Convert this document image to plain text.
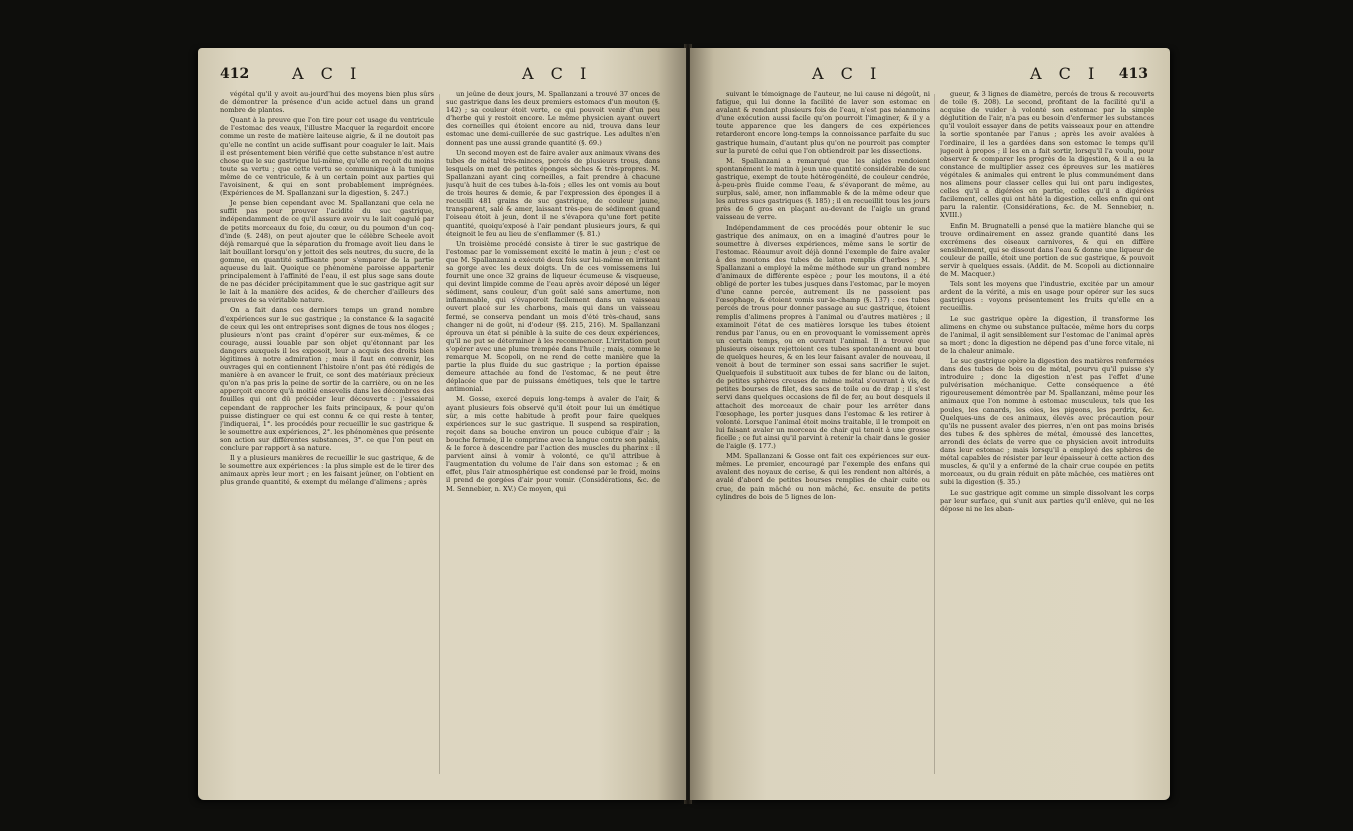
412	A C I	A C I

végétal qu'il y avoit au-jourd'hui des moyens bien plus sûrs de démontrer la présence d'un acide actuel dans un grand nombre de plantes.

Quant à la preuve que l'on tire pour cet usage du ventricule de l'estomac des veaux, l'illustre Macquer la regardoit encore comme un reste de matière laiteuse aigrie, & il ne doutoit pas qu'elle ne contînt un acide suffisant pour coaguler le lait. Mais il est présentement bien vérifié que cette substance n'est autre chose que le suc gastrique lui-même, qu'elle en reçoit du moins toute sa vertu ; que cette vertu se communique à la tunique même de ce ventricule, & à un certain point aux parties qui l'avoisinent, & qui en sont probablement imprégnées. (Expériences de M. Spallanzani sur la digestion, §. 247.)

Je pense bien cependant avec M. Spallanzani que cela ne suffit pas pour prouver l'acidité du suc gastrique, indépendamment de ce qu'il assure avoir vu le lait coagulé par de petits morceaux du foie, du cœur, ou du poumon d'un coq-d'inde (§. 248), on peut ajouter que le célèbre Scheele avoit déjà remarqué que la séparation du fromage avoit lieu dans le lait bouillant lorsqu'on y jettoit des sels neutres, du sucre, de la gomme, en quantité suffisante pour s'emparer de la partie aqueuse du lait. Quoique ce phénomène paroisse appartenir principalement à l'affinité de l'eau, il est plus sage sans doute de ne pas décider précipitamment que le suc gastrique agit sur le lait à la manière des acides, & de chercher d'ailleurs des preuves de sa véritable nature.

On a fait dans ces derniers temps un grand nombre d'expériences sur le suc gastrique ; la constance & la sagacité de ceux qui les ont entreprises sont dignes de tous nos éloges ; plusieurs n'ont pas craint d'opérer sur eux-mêmes, & ce courage, aussi louable par son objet qu'étonnant par les dangers auxquels il les exposoit, leur a acquis des droits bien légitimes à notre admiration ; mais il faut en convenir, les ouvrages qui en contiennent l'histoire n'ont pas été rédigés de manière à en avancer le fruit, ce sont des matériaux précieux qu'on n'a pas pris la peine de sortir de la carrière, ou on ne les apperçoit encore qu'à moitié ensevelis dans les décombres des fouilles qui ont dû précéder leur découverte : j'essaierai cependant de rapprocher les faits principaux, & pour qu'on puisse distinguer ce qui est connu & ce qui reste à tenter, j'indiquerai, 1°. les procédés pour recueillir le suc gastrique & le soumettre aux expériences, 2°. les phénomènes que présente son action sur différentes substances, 3°. ce que l'on peut en conclure par rapport à sa nature.

Il y a plusieurs manières de recueillir le suc gastrique, & de le soumettre aux expériences : la plus simple est de le tirer des animaux après leur mort ; en les faisant jeûner, on l'obtient en plus grande quantité, & exempt du mélange d'alimens ; après

un jeûne de deux jours, M. Spallanzani a trouvé 37 onces de suc gastrique dans les deux premiers estomacs d'un mouton (§. 142) ; sa couleur étoit verte, ce qui pouvoit venir d'un peu d'herbe qui y restoit encore. Le même physicien ayant ouvert des corneilles qui étoient encore au nid, trouva dans leur estomac une demi-cuillerée de suc gastrique. Les adultes n'en donnent pas une aussi grande quantité (§. 69.)

Un second moyen est de faire avaler aux animaux vivans des tubes de métal très-minces, percés de plusieurs trous, dans lesquels on met de petites éponges sèches & très-propres. M. Spallanzani ayant cinq corneilles, a fait prendre à chacune jusqu'à huit de ces tubes à-la-fois ; elles les ont vomis au bout de trois heures & demie, & par l'expression des éponges il a recueilli 481 grains de suc gastrique, de couleur jaune, transparent, salé & amer, laissant très-peu de sédiment quand l'oiseau étoit à jeun, dont il ne s'évapora qu'une fort petite quantité, quoiqu'exposé à l'air pendant plusieurs jours, & qui éteignoit le feu au lieu de s'enflammer (§. 81.)

Un troisième procédé consiste à tirer le suc gastrique de l'estomac par le vomissement excité le matin à jeun ; c'est ce que M. Spallanzani a exécuté deux fois sur lui-même en irritant sa gorge avec les deux doigts. Un de ces vomissemens lui fournit une once 32 grains de liqueur écumeuse & visqueuse, qui devint limpide comme de l'eau après avoir déposé un léger sédiment, sans couleur, d'un goût salé sans amertume, non inflammable, qui s'évaporoit facilement dans un vaisseau ouvert placé sur les charbons, mais qui dans un vaisseau fermé, se conserva pendant un mois d'été très-chaud, sans changer ni de goût, ni d'odeur (§§. 215, 216). M. Spallanzani éprouva un état si pénible à la suite de ces deux expériences, qu'il ne put se déterminer à les recommencer. L'irritation peut s'opérer avec une plume trempée dans l'huile ; mais, comme le remarque M. Scopoli, on ne rend de cette manière que la partie la plus fluide du suc gastrique ; la portion épaisse demeure attachée au fond de l'estomac, & ne peut être déplacée que par de puissans émétiques, tels que le tartre antimonial.

M. Gosse, exercé depuis long-temps à avaler de l'air, & ayant plusieurs fois observé qu'il étoit pour lui un émétique sûr, a mis cette habitude à profit pour faire quelques expériences sur le suc gastrique. Il suspend sa respiration, reçoit dans sa bouche environ un pouce cubique d'air ; la bouche fermée, il le comprime avec la langue contre son palais, & le force à descendre par l'action des muscles du pharinx : il parvient ainsi à vomir à volonté, ce qu'il attribue à l'augmentation du volume de l'air dans son estomac ; & en effet, plus l'air atmosphérique est condensé par le froid, moins il prend de gorgées d'air pour vomir. (Considérations, &c. de M. Sennebier, n. XV.) Ce moyen, qui

A C I	A C I 413

suivant le témoignage de l'auteur, ne lui cause ni dégoût, ni fatigue, qui lui donne la facilité de laver son estomac en avalant & rendant plusieurs fois de l'eau, n'est pas néanmoins d'une exécution aussi facile qu'on pourroit l'imaginer, & il y a toute apparence que les dangers de ces expériences retarderont encore long-temps la connoissance parfaite du suc gastrique humain, d'autant plus qu'on ne pourroit pas compter sur la pureté de celui que l'on obtiendroit par les dissections.

M. Spallanzani a remarqué que les aigles rendoient spontanément le matin à jeun une quantité considérable de suc gastrique, exempt de toute hétérogénéité, de couleur cendrée, à-peu-près fluide comme l'eau, & s'évaporant de même, au surplus, salé, amer, non inflammable & de la même odeur que les autres sucs gastriques (§. 185) ; il en recueillit tous les jours près de 6 gros en plaçant au-devant de l'aigle un grand vaisseau de verre.

Indépendamment de ces procédés pour obtenir le suc gastrique des animaux, on en a imaginé d'autres pour le soumettre à diverses expériences, même sans le sortir de l'estomac. Réaumur avoit déjà donné l'exemple de faire avaler à des moutons des tubes de laiton remplis d'herbes ; M. Spallanzani a employé la même méthode sur un grand nombre d'animaux de différente espèce ; pour les moutons, il a été obligé de porter les tubes jusques dans l'estomac, par le moyen d'une canne percée, autrement ils ne passoient pas l'œsophage, & étoient vomis sur-le-champ (§. 137) : ces tubes percés de trous pour donner passage au suc gastrique, étoient remplis d'alimens propres à l'animal ou d'autres matières ; il examinoit l'état de ces matières lorsque les tubes étoient rendus par l'anus, ou en en provoquant le vomissement après un certain temps, ou en ouvrant l'animal. Il a trouvé que plusieurs oiseaux rejettoient ces tubes spontanément au bout de quelques heures, & en les leur faisant avaler de nouveau, il venoit à bout de terminer son essai sans sacrifier le sujet. Quelquefois il substituoit aux tubes de fer blanc ou de laiton, de petites sphères creuses de même métal s'ouvrant à vis, de petites bourses de filet, des sacs de toile ou de drap ; il s'est servi dans quelques occasions de fil de fer, au bout desquels il attachoit des morceaux de chair pour les arrêter dans l'œsophage, les porter jusques dans l'estomac & les retirer à volonté. Lorsque l'animal étoit moins traitable, il le trompoit en lui faisant avaler un morceau de chair qui tenoit à une grosse ficelle ; ce fut ainsi qu'il parvint à retenir la chair dans le gosier de l'aigle (§. 177.)

MM. Spallanzani & Gosse ont fait ces expériences sur eux-mêmes. Le premier, encouragé par l'exemple des enfans qui avalent des noyaux de cerise, & qui les rendent non altérés, a avalé d'abord de petites bourses remplies de chair cuite ou crue, de pain mâché ou non mâché, &c. ensuite de petits cylindres de bois de 5 lignes de lon-

gueur, & 3 lignes de diamètre, percés de trous & recouverts de toile (§. 208). Le second, profitant de la facilité qu'il a acquise de vuider à volonté son estomac par la simple déglutition de l'air, n'a pas eu besoin d'enfermer les substances qu'il vouloit essayer dans de petits vaisseaux pour en attendre la sortie spontanée par l'anus ; après les avoir avalées à l'ordinaire, il les a gardées dans son estomac le temps qu'il jugeoit à propos ; il les en a fait sortir, lorsqu'il l'a voulu, pour observer & comparer les progrès de la digestion, & il a eu la constance de multiplier assez ces épreuves sur les matières végétales & animales qui entrent le plus communément dans nos alimens pour classer celles qui lui ont paru indigestes, celles qu'il a digérées en partie, celles qu'il a digérées facilement, celles qui ont hâté la digestion, celles enfin qui ont paru la ralentir. (Considérations, &c. de M. Sennebier, n. XVIII.)

Enfin M. Brugnatelli a pensé que la matière blanche qui se trouve ordinairement en assez grande quantité dans les excrémens des oiseaux carnivores, & qui en diffère sensiblement, qui se dissout dans l'eau & donne une liqueur de couleur de paille, étoit une portion de suc gastrique, & pouvoit servir à quelques essais. (Addit. de M. Scopoli au dictionnaire de M. Macquer.)

Tels sont les moyens que l'industrie, excitée par un amour ardent de la vérité, a mis en usage pour opérer sur les sucs gastriques : voyons présentement les fruits qu'elle en a recueillis.

Le suc gastrique opère la digestion, il transforme les alimens en chyme ou substance pultacée, même hors du corps de l'animal, il agit sensiblement sur l'estomac de l'animal après sa mort ; donc la digestion ne dépend pas d'une force vitale, ni de la chaleur animale.

Le suc gastrique opère la digestion des matières renfermées dans des tubes de bois ou de métal, pourvu qu'il puisse s'y introduire ; donc la digestion n'est pas l'effet d'une pulvérisation méchanique. Cette conséquence a été rigoureusement démontrée par M. Spallanzani, même pour les animaux que l'on nomme à estomac musculeux, tels que les poules, les canards, les oies, les pigeons, les perdrix, &c. Quelques-uns de ces animaux, élevés avec précaution pour qu'ils ne pussent avaler des pierres, n'en ont pas moins brisés des tubes & des sphères de métal, émoussé des lancettes, arrondi des éclats de verre que ce physicien avoit introduits dans leur estomac ; mais lorsqu'il a employé des sphères de métal capables de résister par leur épaisseur à cette action des muscles, & qu'il y a enfermé de la chair crue coupée en petits morceaux, ou du grain réduit en pâte mâchée, ces matières ont subi la digestion (§. 35.)

Le suc gastrique agit comme un simple dissolvant les corps par leur surface, qui s'unit aux parties qu'il enlève, qui ne les dépose ni ne les aban-
